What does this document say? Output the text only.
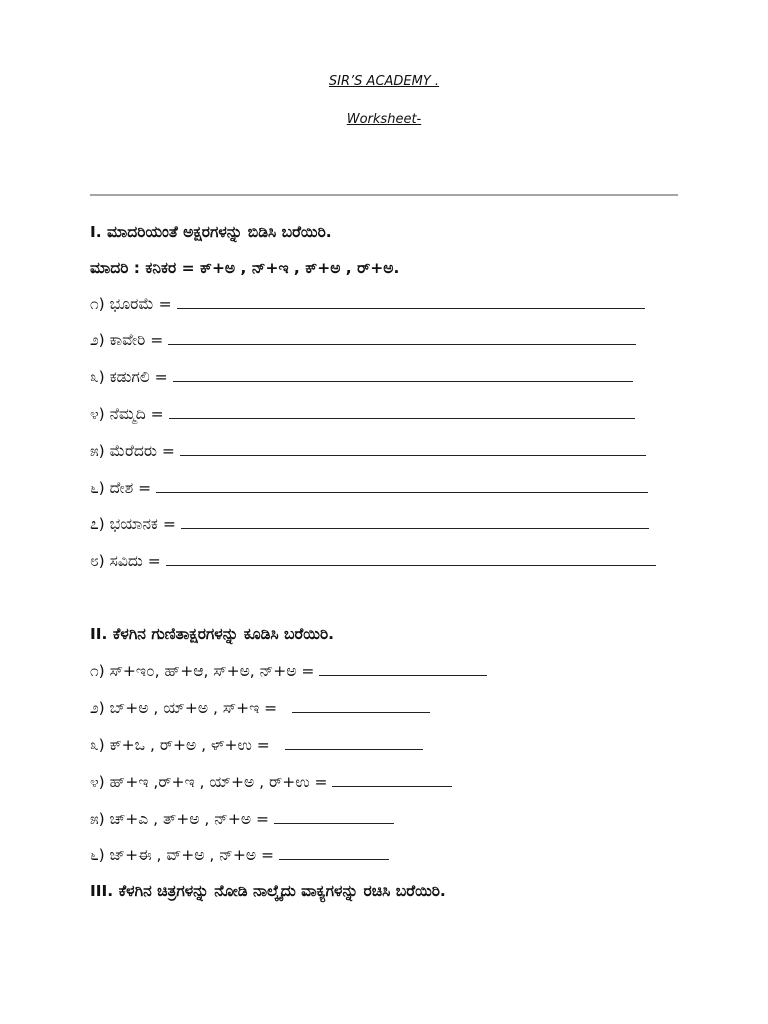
SIR’S ACADEMY .
Worksheet-
I. ಮಾದರಿಯಂತೆ ಅಕ್ಷರಗಳನ್ನು ಬಿಡಿಸಿ ಬರೆಯಿರಿ.
ಮಾದರಿ : ಕನಿಕರ = ಕ್+ಅ , ನ್+ಇ , ಕ್+ಅ , ರ್+ಅ.
೧) ಭೂರಮೆ =
೨) ಕಾವೇರಿ =
೩) ಕಡುಗಲಿ =
೪) ನೆಮ್ಮದಿ =
೫) ಮೆರೆದರು =
೬) ದೇಶ =
೭) ಭಯಾನಕ =
೮) ಸವಿದು =
II. ಕೆಳಗಿನ ಗುಣಿತಾಕ್ಷರಗಳನ್ನು ಕೂಡಿಸಿ ಬರೆಯಿರಿ.
೧) ಸ್+ಇ೦, ಹ್+ಆ, ಸ್+ಅ, ನ್+ಅ =
೨) ಬ್+ಅ , ಯ್+ಅ , ಸ್+ಇ =
೩) ಕ್+ಒ , ರ್+ಅ , ಳ್+ಉ =
೪) ಹ್+ಇ ,ರ್+ಇ , ಯ್+ಅ , ರ್+ಉ =
೫) ಚ್+ಎ , ತ್+ಅ , ನ್+ಅ =
೬) ಜ್+ಈ , ವ್+ಅ , ನ್+ಅ =
III. ಕೆಳಗಿನ ಚಿತ್ರಗಳನ್ನು ನೋಡಿ ನಾಲ್ಕೈದು ವಾಕ್ಯಗಳನ್ನು ರಚಿಸಿ ಬರೆಯಿರಿ.
